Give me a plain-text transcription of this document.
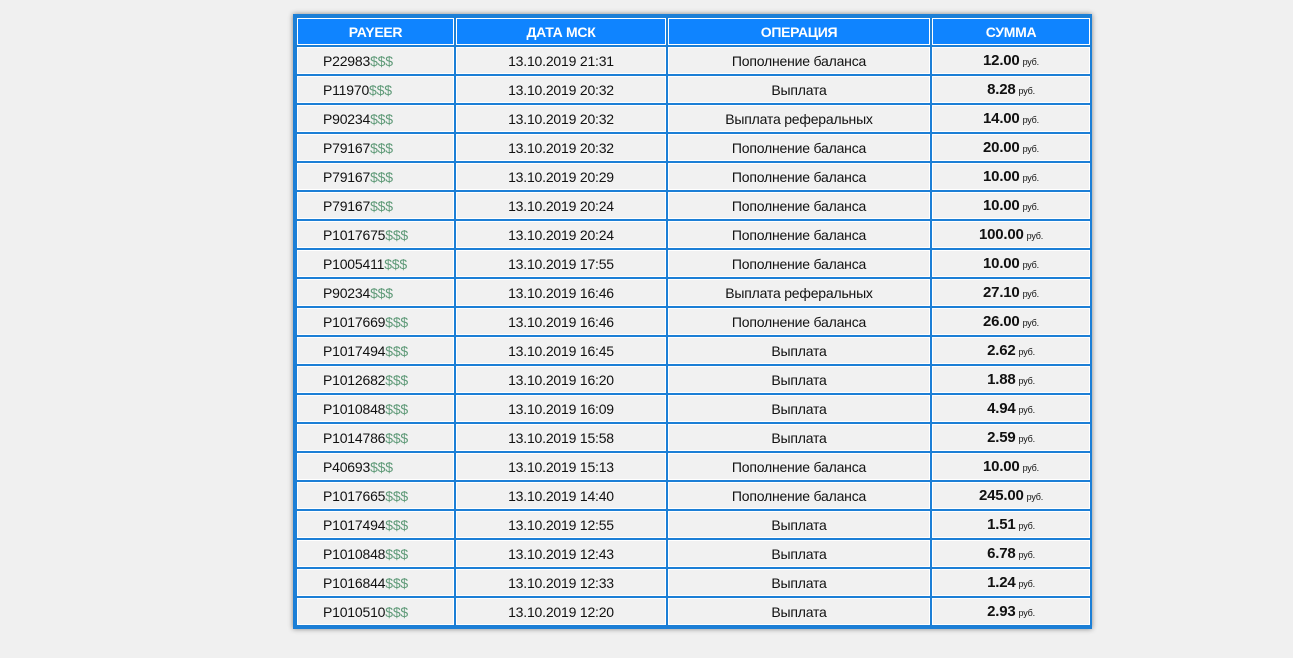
PAYEER	ДАТА МСК	ОПЕРАЦИЯ	СУММА
P22983$$$	13.10.2019 21:31	Пополнение баланса	12.00 руб.
P11970$$$	13.10.2019 20:32	Выплата	8.28 руб.
P90234$$$	13.10.2019 20:32	Выплата реферальных	14.00 руб.
P79167$$$	13.10.2019 20:32	Пополнение баланса	20.00 руб.
P79167$$$	13.10.2019 20:29	Пополнение баланса	10.00 руб.
P79167$$$	13.10.2019 20:24	Пополнение баланса	10.00 руб.
P1017675$$$	13.10.2019 20:24	Пополнение баланса	100.00 руб.
P1005411$$$	13.10.2019 17:55	Пополнение баланса	10.00 руб.
P90234$$$	13.10.2019 16:46	Выплата реферальных	27.10 руб.
P1017669$$$	13.10.2019 16:46	Пополнение баланса	26.00 руб.
P1017494$$$	13.10.2019 16:45	Выплата	2.62 руб.
P1012682$$$	13.10.2019 16:20	Выплата	1.88 руб.
P1010848$$$	13.10.2019 16:09	Выплата	4.94 руб.
P1014786$$$	13.10.2019 15:58	Выплата	2.59 руб.
P40693$$$	13.10.2019 15:13	Пополнение баланса	10.00 руб.
P1017665$$$	13.10.2019 14:40	Пополнение баланса	245.00 руб.
P1017494$$$	13.10.2019 12:55	Выплата	1.51 руб.
P1010848$$$	13.10.2019 12:43	Выплата	6.78 руб.
P1016844$$$	13.10.2019 12:33	Выплата	1.24 руб.
P1010510$$$	13.10.2019 12:20	Выплата	2.93 руб.
